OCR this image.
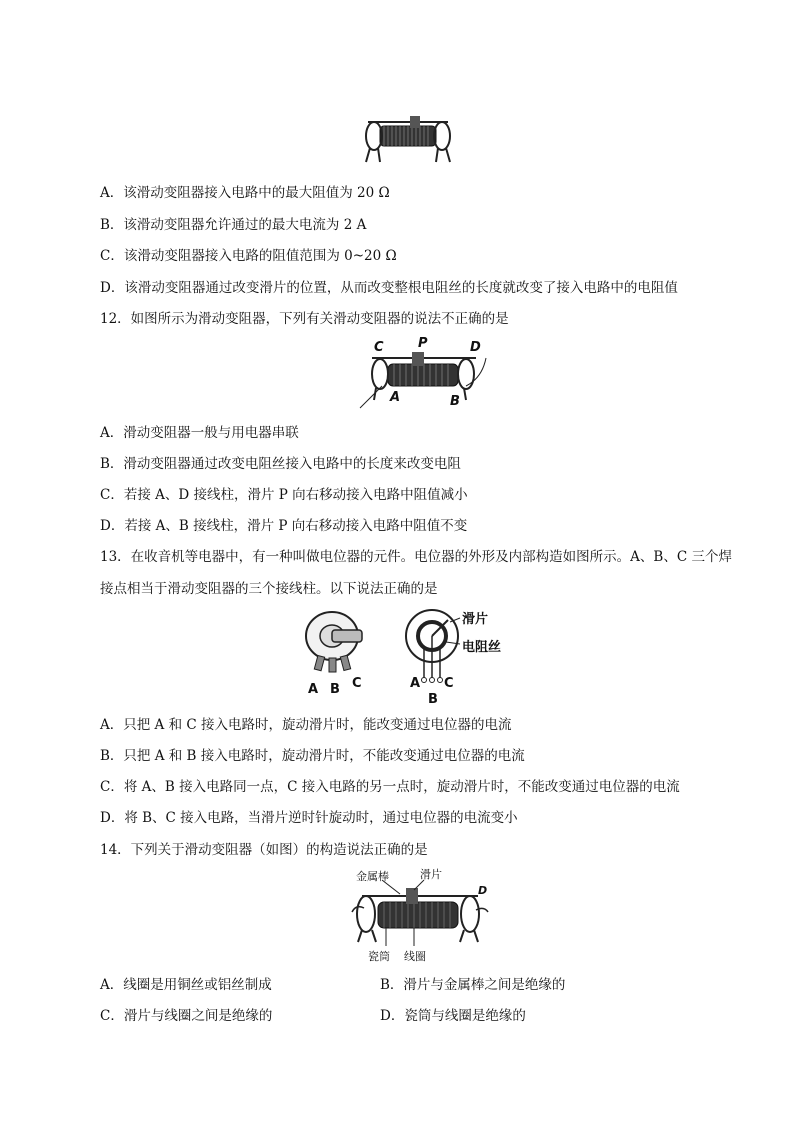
A．该滑动变阻器接入电路中的最大阻值为 20 Ω
B．该滑动变阻器允许通过的最大电流为 2 A
C．该滑动变阻器接入电路的阻值范围为 0~20 Ω
D．该滑动变阻器通过改变滑片的位置，从而改变整根电阻丝的长度就改变了接入电路中的电阻值
12．如图所示为滑动变阻器，下列有关滑动变阻器的说法不正确的是
C	P	D
A	B
A．滑动变阻器一般与用电器串联
B．滑动变阻器通过改变电阻丝接入电路中的长度来改变电阻
C．若接 A、D 接线柱，滑片 P 向右移动接入电路中阻值减小
D．若接 A、B 接线柱，滑片 P 向右移动接入电路中阻值不变
13．在收音机等电器中，有一种叫做电位器的元件。电位器的外形及内部构造如图所示。A、B、C 三个焊
接点相当于滑动变阻器的三个接线柱。以下说法正确的是
A B C	A
B
C
滑片
电阻丝
A．只把 A 和 C 接入电路时，旋动滑片时，能改变通过电位器的电流
B．只把 A 和 B 接入电路时，旋动滑片时，不能改变通过电位器的电流
C．将 A、B 接入电路同一点，C 接入电路的另一点时，旋动滑片时，不能改变通过电位器的电流
D．将 B、C 接入电路，当滑片逆时针旋动时，通过电位器的电流变小
14．下列关于滑动变阻器（如图）的构造说法正确的是
金属棒	滑片
D
瓷筒 线圈
A．线圈是用铜丝或铝丝制成	B．滑片与金属棒之间是绝缘的
C．滑片与线圈之间是绝缘的	D．瓷筒与线圈是绝缘的
